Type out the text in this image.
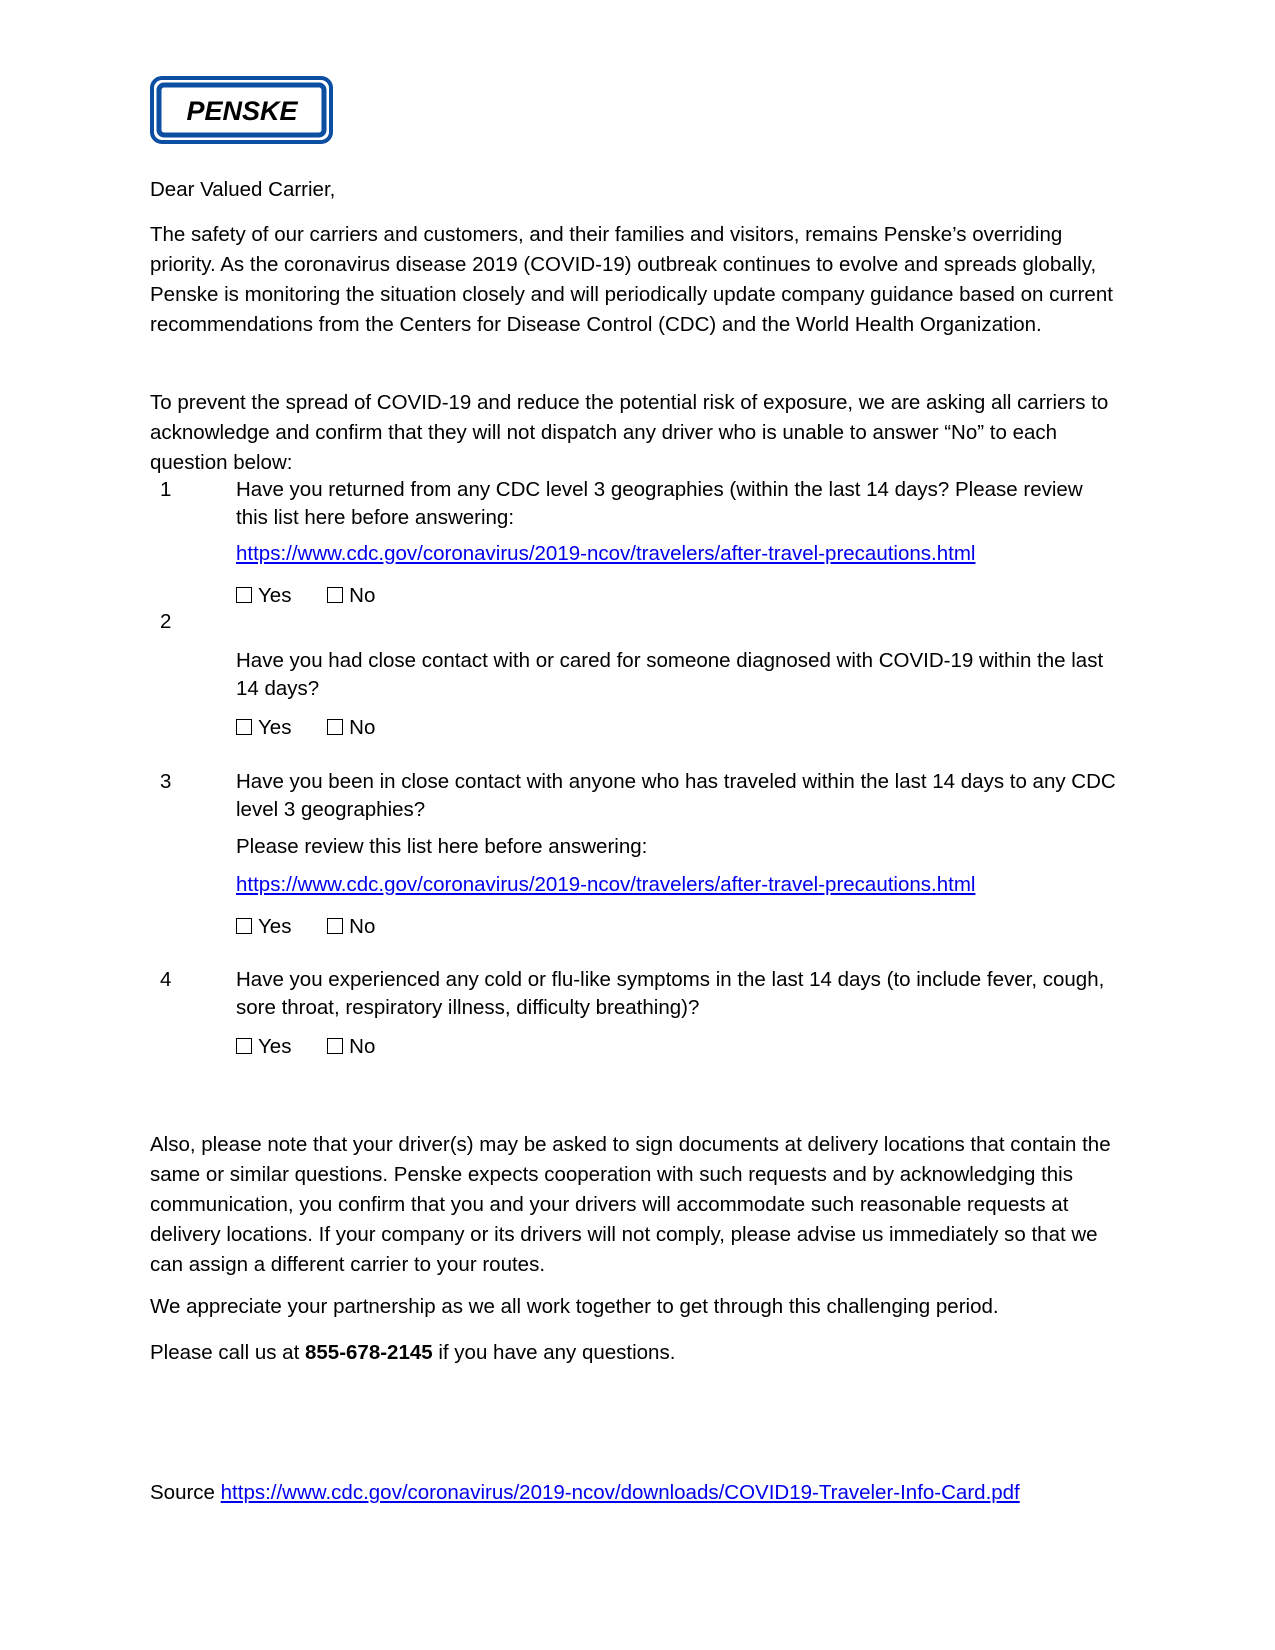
PENSKE
Dear Valued Carrier,
The safety of our carriers and customers, and their families and visitors, remains Penske’s overriding priority. As the coronavirus disease 2019 (COVID-19) outbreak continues to evolve and spreads globally, Penske is monitoring the situation closely and will periodically update company guidance based on current recommendations from the Centers for Disease Control (CDC) and the World Health Organization.
To prevent the spread of COVID-19 and reduce the potential risk of exposure, we are asking all carriers to acknowledge and confirm that they will not dispatch any driver who is unable to answer “No” to each question below:
1	Have you returned from any CDC level 3 geographies (within the last 14 days? Please review this list here before answering:
https://www.cdc.gov/coronavirus/2019-ncov/travelers/after-travel-precautions.html
Yes	No
2
Have you had close contact with or cared for someone diagnosed with COVID-19 within the last 14 days?
Yes	No
3	Have you been in close contact with anyone who has traveled within the last 14 days to any CDC level 3 geographies?
Please review this list here before answering:
https://www.cdc.gov/coronavirus/2019-ncov/travelers/after-travel-precautions.html
Yes	No
4	Have you experienced any cold or flu-like symptoms in the last 14 days (to include fever, cough, sore throat, respiratory illness, difficulty breathing)?
Yes	No
Also, please note that your driver(s) may be asked to sign documents at delivery locations that contain the same or similar questions. Penske expects cooperation with such requests and by acknowledging this communication, you confirm that you and your drivers will accommodate such reasonable requests at delivery locations. If your company or its drivers will not comply, please advise us immediately so that we can assign a different carrier to your routes.
We appreciate your partnership as we all work together to get through this challenging period.
Please call us at 855-678-2145 if you have any questions.
Source https://www.cdc.gov/coronavirus/2019-ncov/downloads/COVID19-Traveler-Info-Card.pdf
